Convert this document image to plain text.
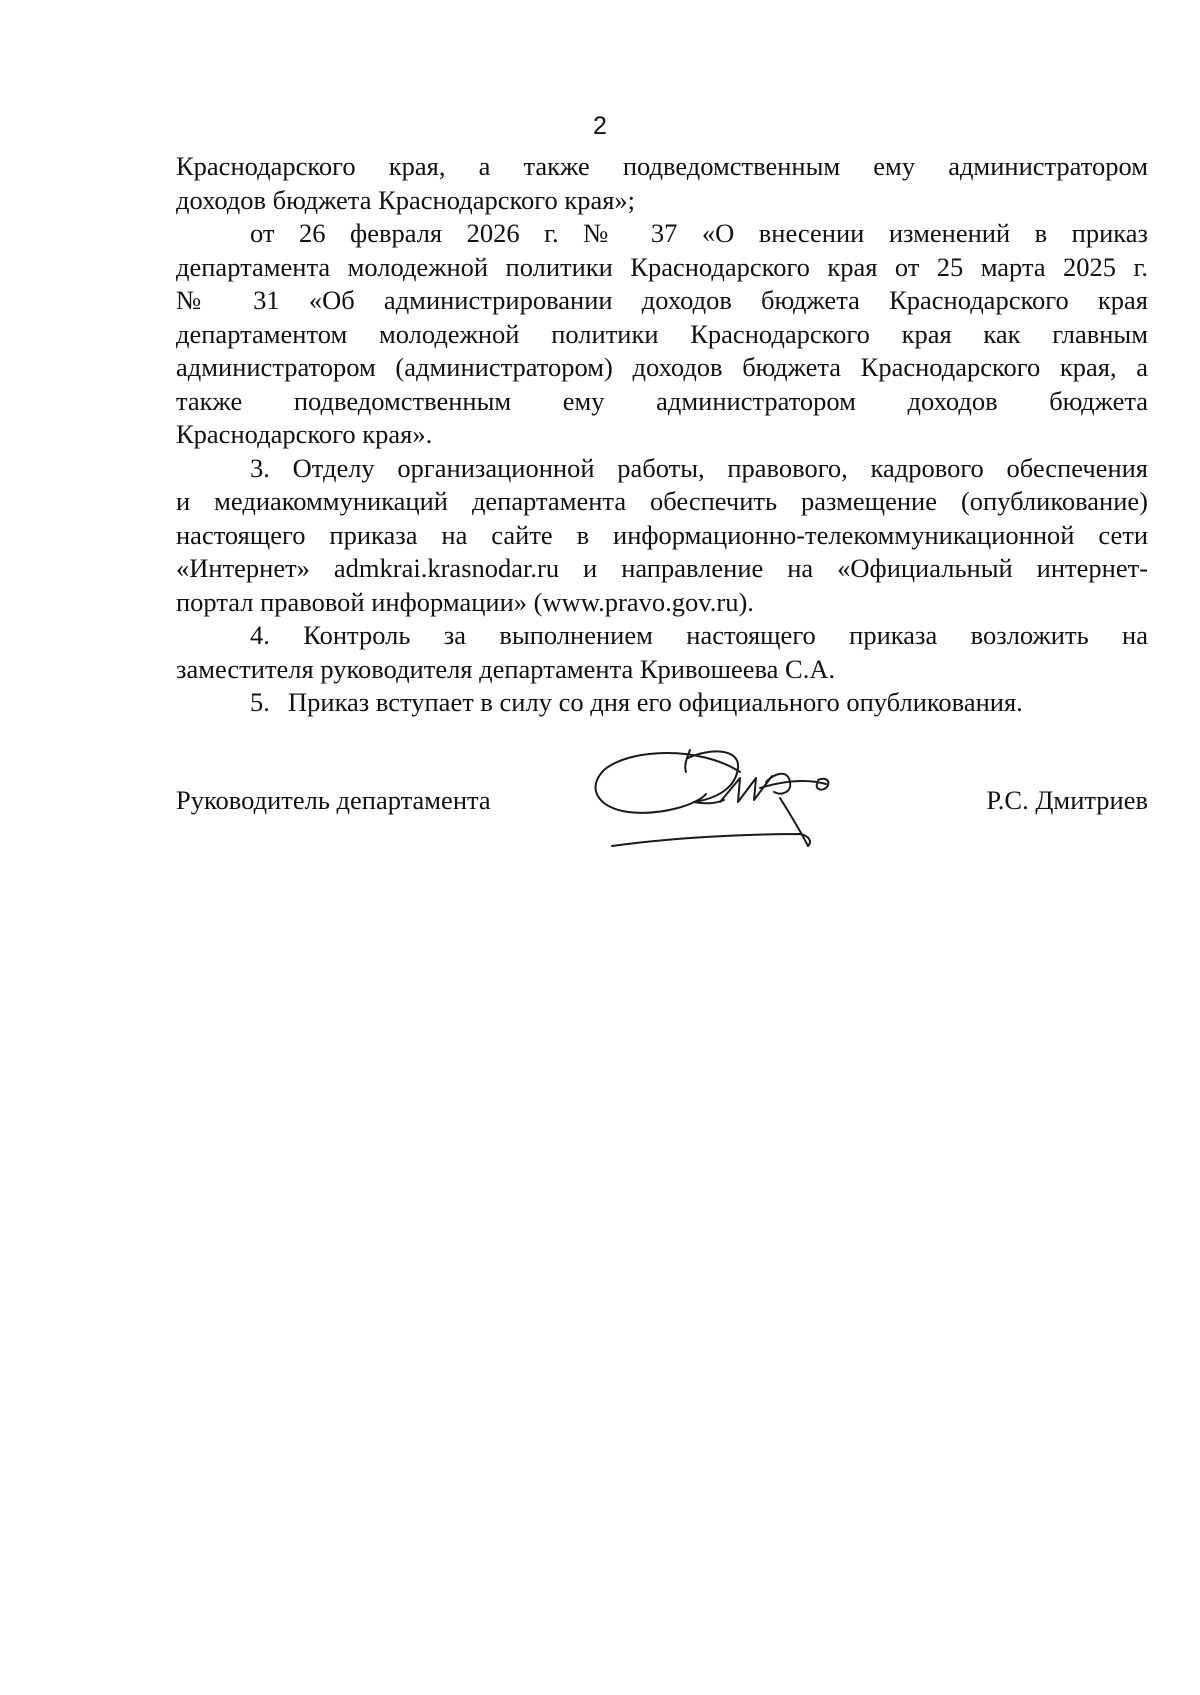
2

Краснодарского края, а также подведомственным ему администратором
доходов бюджета Краснодарского края»;

от 26 февраля 2026 г. № 37 «О внесении изменений в приказ
департамента молодежной политики Краснодарского края от 25 марта 2025 г.
№ 31 «Об администрировании доходов бюджета Краснодарского края
департаментом молодежной политики Краснодарского края как главным
администратором (администратором) доходов бюджета Краснодарского края, а
также подведомственным ему администратором доходов бюджета
Краснодарского края».

3. Отделу организационной работы, правового, кадрового обеспечения
и медиакоммуникаций департамента обеспечить размещение (опубликование)
настоящего приказа на сайте в информационно-телекоммуникационной сети
«Интернет» admkrai.krasnodar.ru и направление на «Официальный интернет-
портал правовой информации» (www.pravo.gov.ru).

4. Контроль за выполнением настоящего приказа возложить на
заместителя руководителя департамента Кривошеева С.А.

5. Приказ вступает в силу со дня его официального опубликования.

Руководитель департамента	Р.С. Дмитриев
